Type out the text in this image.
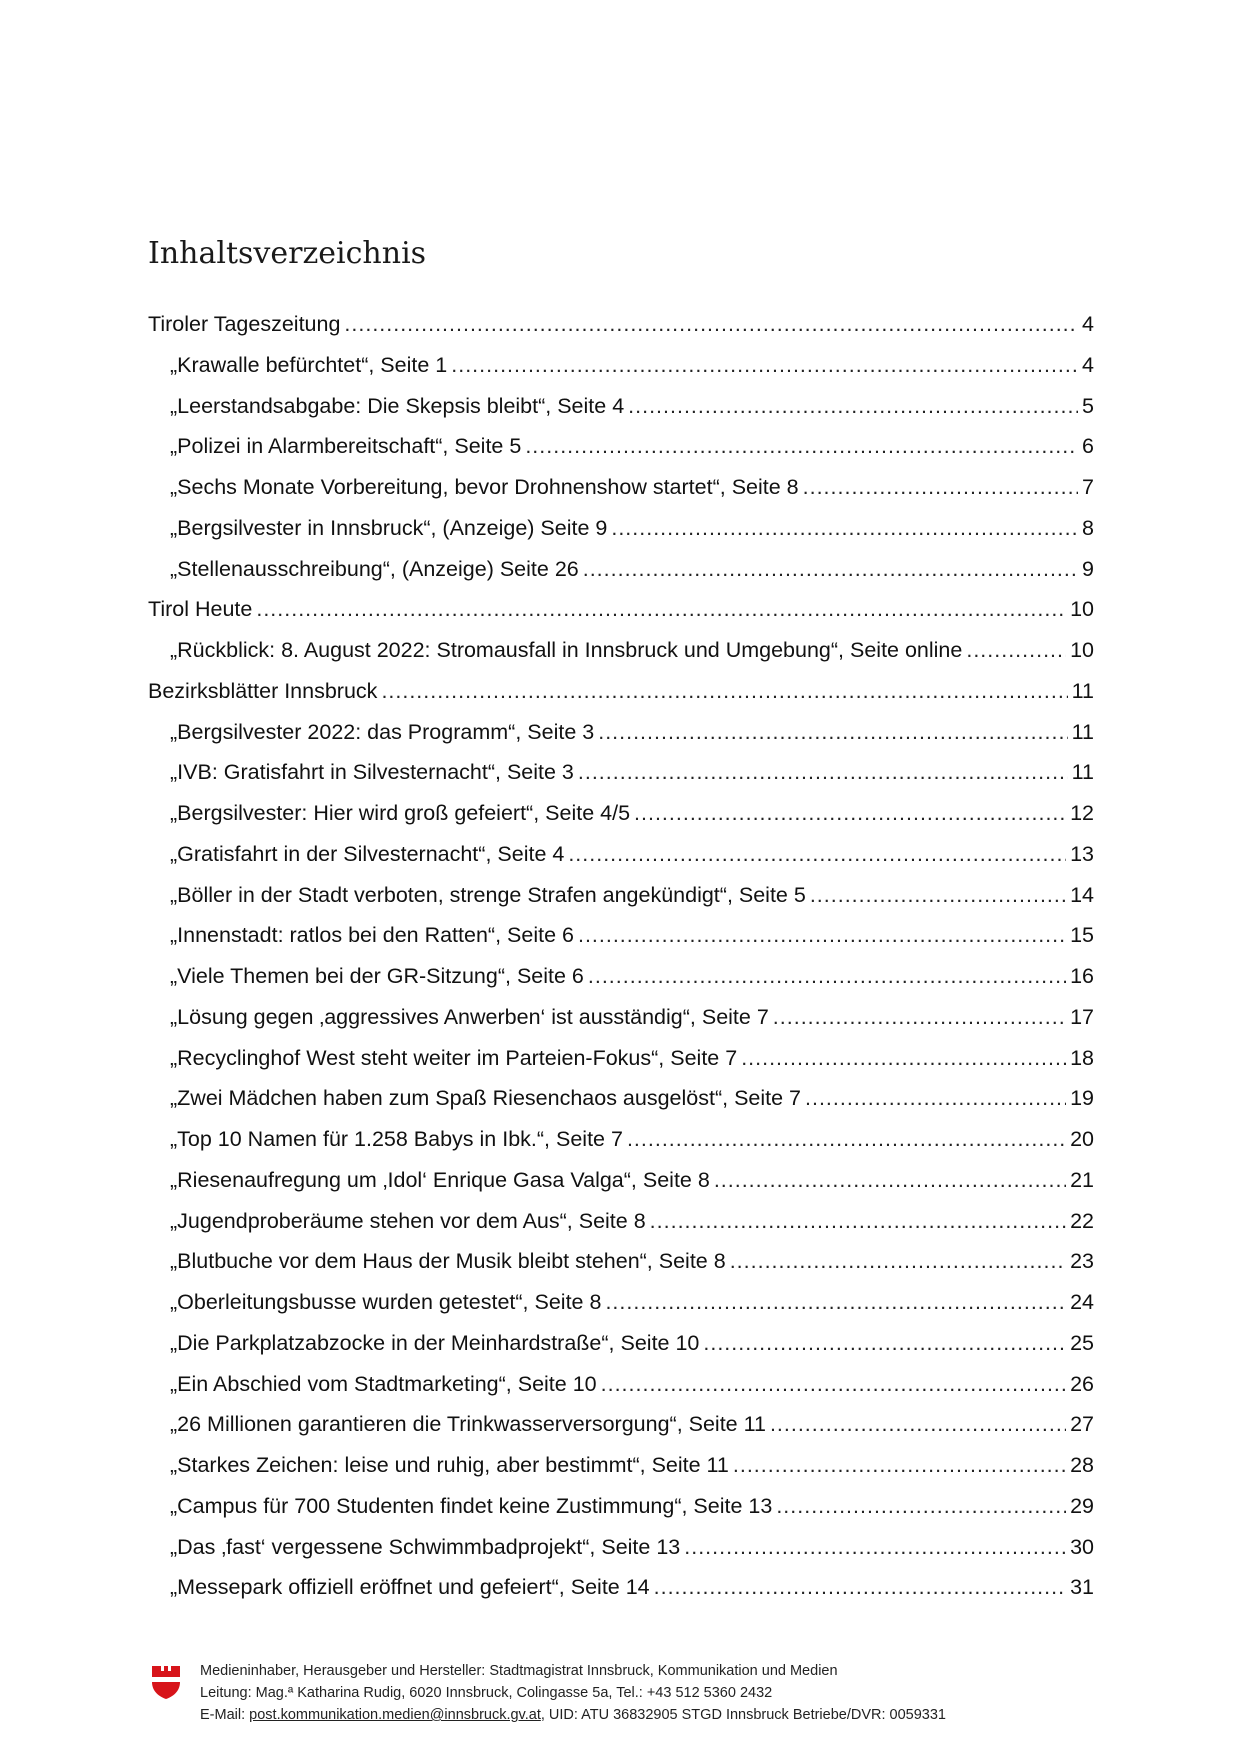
Inhaltsverzeichnis
Tiroler Tageszeitung .....	4
„Krawalle befürchtet“, Seite 1 .....	4
„Leerstandsabgabe: Die Skepsis bleibt“, Seite 4 .....	5
„Polizei in Alarmbereitschaft“, Seite 5 .....	6
„Sechs Monate Vorbereitung, bevor Drohnenshow startet“, Seite 8 .....	7
„Bergsilvester in Innsbruck“, (Anzeige) Seite 9 .....	8
„Stellenausschreibung“, (Anzeige) Seite 26 .....	9
Tirol Heute .....	10
„Rückblick: 8. August 2022: Stromausfall in Innsbruck und Umgebung“, Seite online .....	10
Bezirksblätter Innsbruck .....	11
„Bergsilvester 2022: das Programm“, Seite 3 .....	11
„IVB: Gratisfahrt in Silvesternacht“, Seite 3 .....	11
„Bergsilvester: Hier wird groß gefeiert“, Seite 4/5 .....	12
„Gratisfahrt in der Silvesternacht“, Seite 4 .....	13
„Böller in der Stadt verboten, strenge Strafen angekündigt“, Seite 5 .....	14
„Innenstadt: ratlos bei den Ratten“, Seite 6 .....	15
„Viele Themen bei der GR-Sitzung“, Seite 6 .....	16
„Lösung gegen ‚aggressives Anwerben‘ ist ausständig“, Seite 7 .....	17
„Recyclinghof West steht weiter im Parteien-Fokus“, Seite 7 .....	18
„Zwei Mädchen haben zum Spaß Riesenchaos ausgelöst“, Seite 7 .....	19
„Top 10 Namen für 1.258 Babys in Ibk.“, Seite 7 .....	20
„Riesenaufregung um ‚Idol‘ Enrique Gasa Valga“, Seite 8 .....	21
„Jugendproberäume stehen vor dem Aus“, Seite 8 .....	22
„Blutbuche vor dem Haus der Musik bleibt stehen“, Seite 8 .....	23
„Oberleitungsbusse wurden getestet“, Seite 8 .....	24
„Die Parkplatzabzocke in der Meinhardstraße“, Seite 10 .....	25
„Ein Abschied vom Stadtmarketing“, Seite 10 .....	26
„26 Millionen garantieren die Trinkwasserversorgung“, Seite 11 .....	27
„Starkes Zeichen: leise und ruhig, aber bestimmt“, Seite 11 .....	28
„Campus für 700 Studenten findet keine Zustimmung“, Seite 13 .....	29
„Das ‚fast‘ vergessene Schwimmbadprojekt“, Seite 13 .....	30
„Messepark offiziell eröffnet und gefeiert“, Seite 14 .....	31
Medieninhaber, Herausgeber und Hersteller: Stadtmagistrat Innsbruck, Kommunikation und Medien
Leitung: Mag.ª Katharina Rudig, 6020 Innsbruck, Colingasse 5a, Tel.: +43 512 5360 2432
E-Mail: post.kommunikation.medien@innsbruck.gv.at, UID: ATU 36832905 STGD Innsbruck Betriebe/DVR: 0059331
